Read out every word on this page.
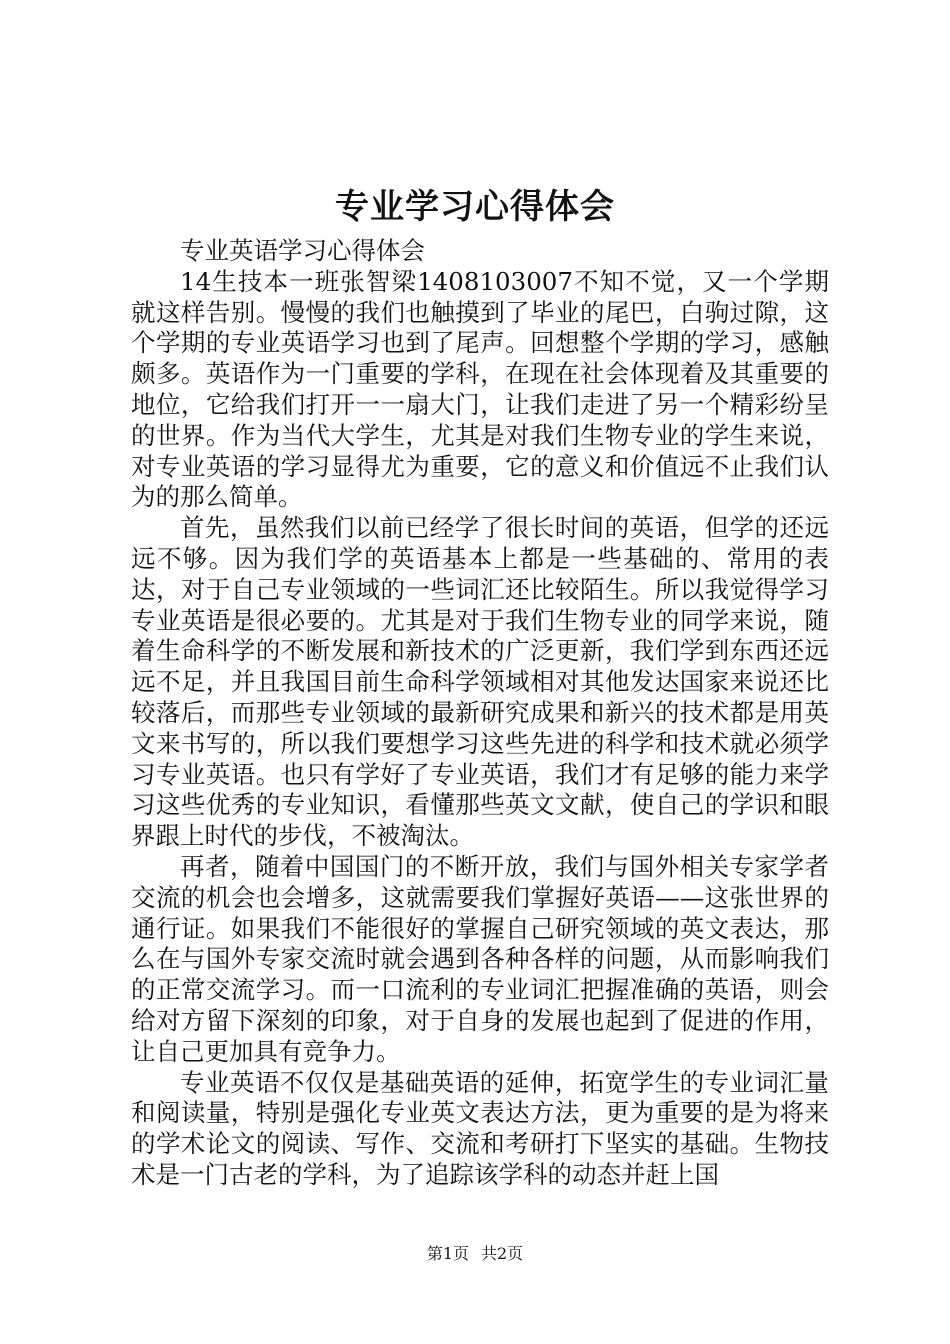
专业学习心得体会

专业英语学习心得体会

14生技本一班张智梁1408103007不知不觉，又一个学期就这样告别。慢慢的我们也触摸到了毕业的尾巴，白驹过隙，这个学期的专业英语学习也到了尾声。回想整个学期的学习，感触颇多。英语作为一门重要的学科，在现在社会体现着及其重要的地位，它给我们打开一一扇大门，让我们走进了另一个精彩纷呈的世界。作为当代大学生，尤其是对我们生物专业的学生来说，对专业英语的学习显得尤为重要，它的意义和价值远不止我们认为的那么简单。

首先，虽然我们以前已经学了很长时间的英语，但学的还远远不够。因为我们学的英语基本上都是一些基础的、常用的表达，对于自己专业领域的一些词汇还比较陌生。所以我觉得学习专业英语是很必要的。尤其是对于我们生物专业的同学来说，随着生命科学的不断发展和新技术的广泛更新，我们学到东西还远远不足，并且我国目前生命科学领域相对其他发达国家来说还比较落后，而那些专业领域的最新研究成果和新兴的技术都是用英文来书写的，所以我们要想学习这些先进的科学和技术就必须学习专业英语。也只有学好了专业英语，我们才有足够的能力来学习这些优秀的专业知识，看懂那些英文文献，使自己的学识和眼界跟上时代的步伐，不被淘汰。

再者，随着中国国门的不断开放，我们与国外相关专家学者交流的机会也会增多，这就需要我们掌握好英语——这张世界的通行证。如果我们不能很好的掌握自己研究领域的英文表达，那么在与国外专家交流时就会遇到各种各样的问题，从而影响我们的正常交流学习。而一口流利的专业词汇把握准确的英语，则会给对方留下深刻的印象，对于自身的发展也起到了促进的作用，让自己更加具有竞争力。

专业英语不仅仅是基础英语的延伸，拓宽学生的专业词汇量和阅读量，特别是强化专业英文表达方法，更为重要的是为将来的学术论文的阅读、写作、交流和考研打下坚实的基础。生物技术是一门古老的学科，为了追踪该学科的动态并赶上国

第1页 共2页
